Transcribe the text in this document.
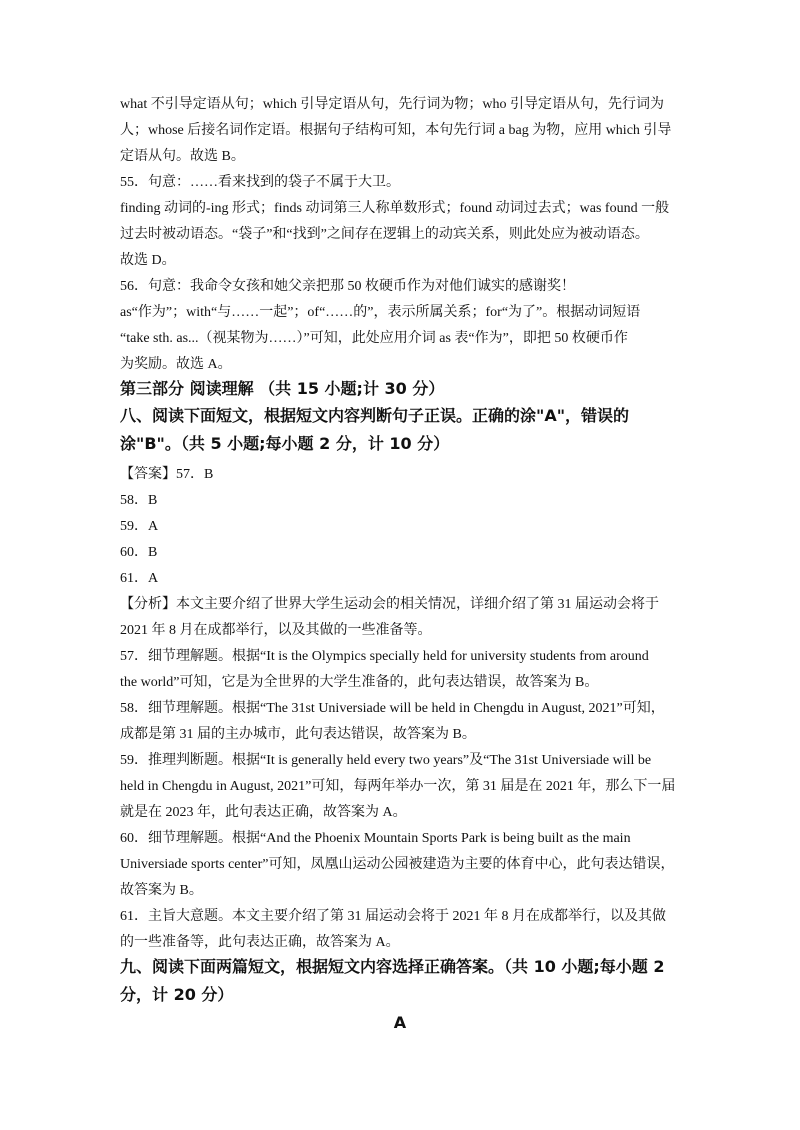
what 不引导定语从句；which 引导定语从句，先行词为物；who 引导定语从句，先行词为
人；whose 后接名词作定语。根据句子结构可知，本句先行词 a bag 为物，应用 which 引导
定语从句。故选 B。
55．句意：……看来找到的袋子不属于大卫。
finding 动词的-ing 形式；finds 动词第三人称单数形式；found 动词过去式；was found 一般
过去时被动语态。“袋子”和“找到”之间存在逻辑上的动宾关系，则此处应为被动语态。
故选 D。
56．句意：我命令女孩和她父亲把那 50 枚硬币作为对他们诚实的感谢奖！
as“作为”；with“与……一起”；of“……的”，表示所属关系；for“为了”。根据动词短语
“take sth. as...（视某物为……）”可知，此处应用介词 as 表“作为”，即把 50 枚硬币作
为奖励。故选 A。
第三部分 阅读理解 （共 15 小题;计 30 分）
八、阅读下面短文，根据短文内容判断句子正误。正确的涂"A"，错误的
涂"B"。（共 5 小题;每小题 2 分，计 10 分）
【答案】57．B
58．B
59．A
60．B
61．A
【分析】本文主要介绍了世界大学生运动会的相关情况，详细介绍了第 31 届运动会将于
2021 年 8 月在成都举行，以及其做的一些准备等。
57．细节理解题。根据“It is the Olympics specially held for university students from around
the world”可知，它是为全世界的大学生准备的，此句表达错误，故答案为 B。
58．细节理解题。根据“The 31st Universiade will be held in Chengdu in August, 2021”可知，
成都是第 31 届的主办城市，此句表达错误，故答案为 B。
59．推理判断题。根据“It is generally held every two years”及“The 31st Universiade will be
held in Chengdu in August, 2021”可知，每两年举办一次，第 31 届是在 2021 年，那么下一届
就是在 2023 年，此句表达正确，故答案为 A。
60．细节理解题。根据“And the Phoenix Mountain Sports Park is being built as the main
Universiade sports center”可知，凤凰山运动公园被建造为主要的体育中心，此句表达错误，
故答案为 B。
61．主旨大意题。本文主要介绍了第 31 届运动会将于 2021 年 8 月在成都举行，以及其做
的一些准备等，此句表达正确，故答案为 A。
九、阅读下面两篇短文，根据短文内容选择正确答案。（共 10 小题;每小题 2
分，计 20 分）
A
